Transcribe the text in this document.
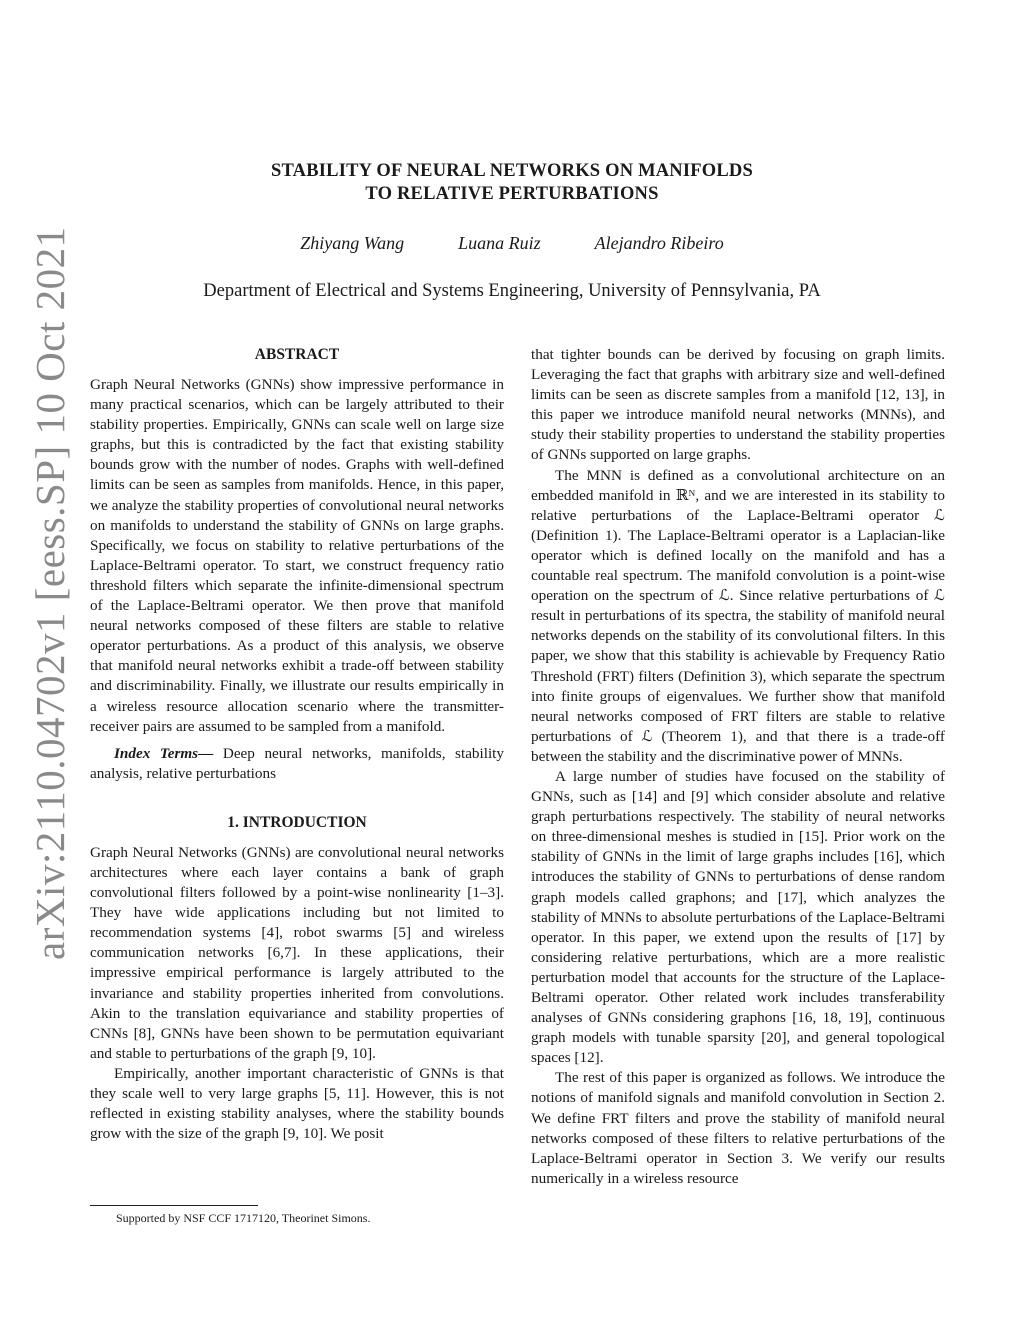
arXiv:2110.04702v1 [eess.SP] 10 Oct 2021
STABILITY OF NEURAL NETWORKS ON MANIFOLDS
TO RELATIVE PERTURBATIONS
Zhiyang Wang	Luana Ruiz	Alejandro Ribeiro
Department of Electrical and Systems Engineering, University of Pennsylvania, PA
ABSTRACT

Graph Neural Networks (GNNs) show impressive performance in many practical scenarios, which can be largely attributed to their stability properties. Empirically, GNNs can scale well on large size graphs, but this is contradicted by the fact that existing stability bounds grow with the number of nodes. Graphs with well-defined limits can be seen as samples from manifolds. Hence, in this paper, we analyze the stability properties of convolutional neural networks on manifolds to understand the stability of GNNs on large graphs. Specifically, we focus on stability to relative perturbations of the Laplace-Beltrami operator. To start, we construct frequency ratio threshold filters which separate the infinite-dimensional spectrum of the Laplace-Beltrami operator. We then prove that manifold neural networks composed of these filters are stable to relative operator perturbations. As a product of this analysis, we observe that manifold neural networks exhibit a trade-off between stability and discriminability. Finally, we illustrate our results empirically in a wireless resource allocation scenario where the transmitter-receiver pairs are assumed to be sampled from a manifold.

Index Terms— Deep neural networks, manifolds, stability analysis, relative perturbations

1. INTRODUCTION

Graph Neural Networks (GNNs) are convolutional neural networks architectures where each layer contains a bank of graph convolutional filters followed by a point-wise nonlinearity [1–3]. They have wide applications including but not limited to recommendation systems [4], robot swarms [5] and wireless communication networks [6,7]. In these applications, their impressive empirical performance is largely attributed to the invariance and stability properties inherited from convolutions. Akin to the translation equivariance and stability properties of CNNs [8], GNNs have been shown to be permutation equivariant and stable to perturbations of the graph [9, 10].

Empirically, another important characteristic of GNNs is that they scale well to very large graphs [5, 11]. However, this is not reflected in existing stability analyses, where the stability bounds grow with the size of the graph [9, 10]. We posit

that tighter bounds can be derived by focusing on graph limits. Leveraging the fact that graphs with arbitrary size and well-defined limits can be seen as discrete samples from a manifold [12, 13], in this paper we introduce manifold neural networks (MNNs), and study their stability properties to understand the stability properties of GNNs supported on large graphs.

The MNN is defined as a convolutional architecture on an embedded manifold in ℝᴺ, and we are interested in its stability to relative perturbations of the Laplace-Beltrami operator ℒ (Definition 1). The Laplace-Beltrami operator is a Laplacian-like operator which is defined locally on the manifold and has a countable real spectrum. The manifold convolution is a point-wise operation on the spectrum of ℒ. Since relative perturbations of ℒ result in perturbations of its spectra, the stability of manifold neural networks depends on the stability of its convolutional filters. In this paper, we show that this stability is achievable by Frequency Ratio Threshold (FRT) filters (Definition 3), which separate the spectrum into finite groups of eigenvalues. We further show that manifold neural networks composed of FRT filters are stable to relative perturbations of ℒ (Theorem 1), and that there is a trade-off between the stability and the discriminative power of MNNs.

A large number of studies have focused on the stability of GNNs, such as [14] and [9] which consider absolute and relative graph perturbations respectively. The stability of neural networks on three-dimensional meshes is studied in [15]. Prior work on the stability of GNNs in the limit of large graphs includes [16], which introduces the stability of GNNs to perturbations of dense random graph models called graphons; and [17], which analyzes the stability of MNNs to absolute perturbations of the Laplace-Beltrami operator. In this paper, we extend upon the results of [17] by considering relative perturbations, which are a more realistic perturbation model that accounts for the structure of the Laplace-Beltrami operator. Other related work includes transferability analyses of GNNs considering graphons [16, 18, 19], continuous graph models with tunable sparsity [20], and general topological spaces [12].

The rest of this paper is organized as follows. We introduce the notions of manifold signals and manifold convolution in Section 2. We define FRT filters and prove the stability of manifold neural networks composed of these filters to relative perturbations of the Laplace-Beltrami operator in Section 3. We verify our results numerically in a wireless resource

Supported by NSF CCF 1717120, Theorinet Simons.
